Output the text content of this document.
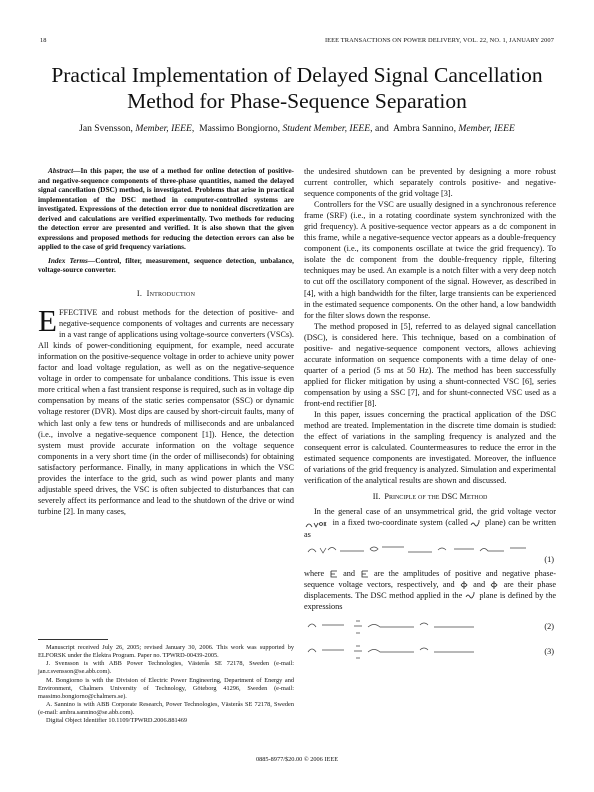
18	IEEE TRANSACTIONS ON POWER DELIVERY, VOL. 22, NO. 1, JANUARY 2007
Practical Implementation of Delayed Signal Cancellation Method for Phase-Sequence Separation
Jan Svensson, Member, IEEE,  Massimo Bongiorno, Student Member, IEEE, and Ambra Sannino, Member, IEEE
Abstract—In this paper, the use of a method for online detection of positive- and negative-sequence components of three-phase quantities, named the delayed signal cancellation (DSC) method, is investigated. Problems that arise in practical implementation of the DSC method in computer-controlled systems are investigated. Expressions of the detection error due to nonideal discretization are derived and calculations are verified experimentally. Two methods for reducing the detection error are presented and verified. It is also shown that the given expressions and proposed methods for reducing the detection errors can also be applied to the case of grid frequency variations.
Index Terms—Control, filter, measurement, sequence detection, unbalance, voltage-source converter.
I. Introduction

EFFECTIVE and robust methods for the detection of positive- and negative-sequence components of voltages and currents are necessary in a vast range of applications using voltage-source converters (VSCs). All kinds of power-conditioning equipment, for example, need accurate information on the positive-sequence voltage in order to achieve unity power factor and load voltage regulation, as well as on the negative-sequence voltage in order to compensate for unbalance conditions. This issue is even more critical when a fast transient response is required, such as in voltage dip compensation by means of the static series compensator (SSC) or dynamic voltage restorer (DVR). Most dips are caused by short-circuit faults, many of which last only a few tens or hundreds of milliseconds and are unbalanced (i.e., involve a negative-sequence component [1]). Hence, the detection system must provide accurate information on the voltage sequence components in a very short time (in the order of milliseconds) for obtaining satisfactory performance. Finally, in many applications in which the VSC provides the interface to the grid, such as wind power plants and many adjustable speed drives, the VSC is often subjected to disturbances that can severely affect its performance and lead to the shutdown of the drive or wind turbine [2]. In many cases,

Manuscript received July 26, 2005; revised January 30, 2006. This work was supported by ELFORSK under the Elektra Program. Paper no. TPWRD-00439-2005.

J. Svensson is with ABB Power Technologies, Västerås SE 72178, Sweden (e-mail: jan.r.svensson@se.abb.com).

M. Bongiorno is with the Division of Electric Power Engineering, Department of Energy and Environment, Chalmers University of Technology, Göteborg 41296, Sweden (e-mail: massimo.bongiorno@chalmers.se).

A. Sannino is with ABB Corporate Research, Power Technologies, Västerås SE 72178, Sweden (e-mail: ambra.sannino@se.abb.com).

Digital Object Identifier 10.1109/TPWRD.2006.881469

the undesired shutdown can be prevented by designing a more robust current controller, which separately controls positive- and negative-sequence components of the grid voltage [3].

Controllers for the VSC are usually designed in a synchronous reference frame (SRF) (i.e., in a rotating coordinate system synchronized with the grid frequency). A positive-sequence vector appears as a dc component in this frame, while a negative-sequence vector appears as a double-frequency component (i.e., its components oscillate at twice the grid frequency). To isolate the dc component from the double-frequency ripple, filtering techniques may be used. An example is a notch filter with a very deep notch to cut off the oscillatory component of the signal. However, as described in [4], with a high bandwidth for the filter, large transients can be experienced in the estimated sequence components. On the other hand, a low bandwidth for the filter slows down the response.

The method proposed in [5], referred to as delayed signal cancellation (DSC), is considered here. This technique, based on a combination of positive- and negative-sequence component vectors, allows achieving accurate information on sequence components with a time delay of one-quarter of a period (5 ms at 50 Hz). The method has been successfully applied for flicker mitigation by using a shunt-connected VSC [6], series compensation by using a SSC [7], and for shunt-connected VSC used as a front-end rectifier [8].

In this paper, issues concerning the practical application of the DSC method are treated. Implementation in the discrete time domain is studied: the effect of variations in the sampling frequency is analyzed and the consequent error is calculated. Countermeasures to reduce the error in the estimated sequence components are investigated. Moreover, the influence of variations of the grid frequency is analyzed. Simulation and experimental verification of the analytical results are shown and discussed.

II. Principle of the DSC Method

In the general case of an unsymmetrical grid, the grid voltage vector  in a fixed two-coordinate system (called plane) can be written as

(1)

where and are the amplitudes of positive and negative phase-sequence voltage vectors, respectively, and and are their phase displacements. The DSC method applied in the plane is defined by the expressions

(2)
(3)
0885-8977/$20.00 © 2006 IEEE
